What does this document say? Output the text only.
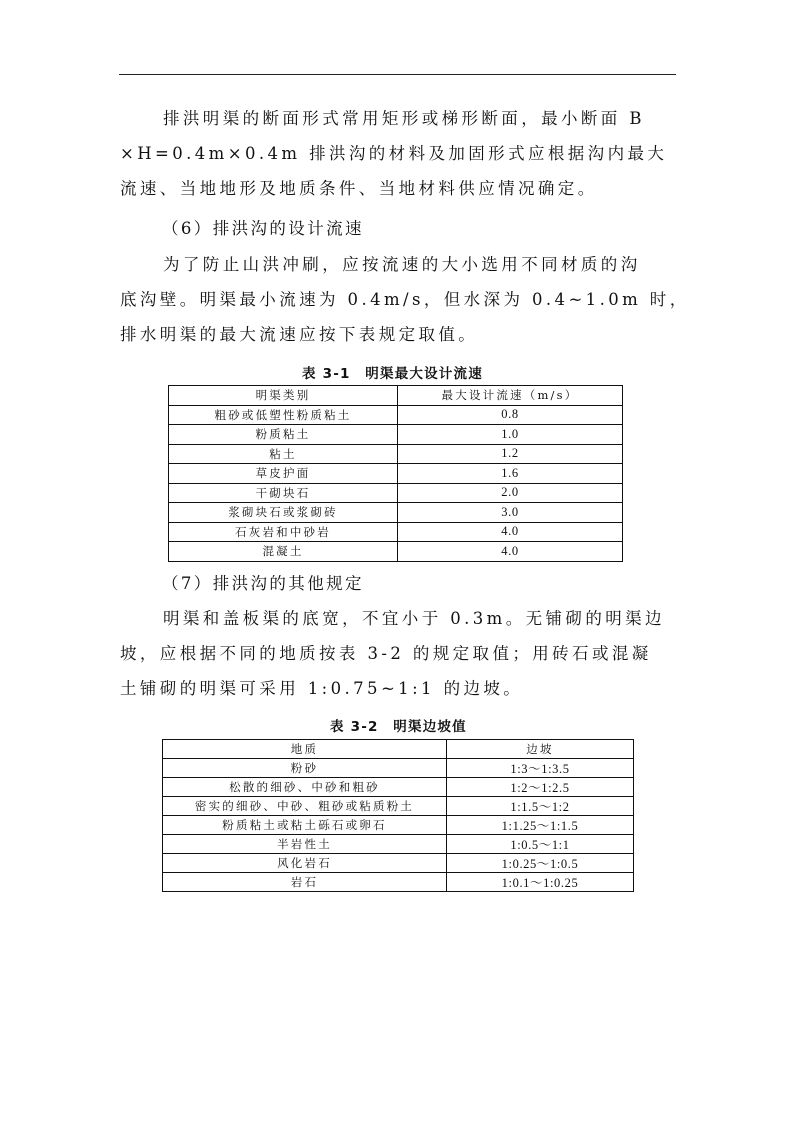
排洪明渠的断面形式常用矩形或梯形断面，最小断面 B
×H=0.4m×0.4m 排洪沟的材料及加固形式应根据沟内最大
流速、当地地形及地质条件、当地材料供应情况确定。

（6）排洪沟的设计流速

为了防止山洪冲刷，应按流速的大小选用不同材质的沟
底沟壁。明渠最小流速为 0.4m/s，但水深为 0.4~1.0m 时，
排水明渠的最大流速应按下表规定取值。

表 3-1　明渠最大设计流速

明渠类别	最大设计流速（m/s）
粗砂或低塑性粉质粘土	0.8
粉质粘土	1.0
粘土	1.2
草皮护面	1.6
干砌块石	2.0
浆砌块石或浆砌砖	3.0
石灰岩和中砂岩	4.0
混凝土	4.0

（7）排洪沟的其他规定

明渠和盖板渠的底宽，不宜小于 0.3m。无铺砌的明渠边
坡，应根据不同的地质按表 3-2 的规定取值；用砖石或混凝
土铺砌的明渠可采用 1:0.75~1:1 的边坡。

表 3-2　明渠边坡值

地质	边坡
粉砂	1:3～1:3.5
松散的细砂、中砂和粗砂	1:2～1:2.5
密实的细砂、中砂、粗砂或粘质粉土	1:1.5～1:2
粉质粘土或粘土砾石或卵石	1:1.25～1:1.5
半岩性土	1:0.5～1:1
风化岩石	1:0.25～1:0.5
岩石	1:0.1～1:0.25
